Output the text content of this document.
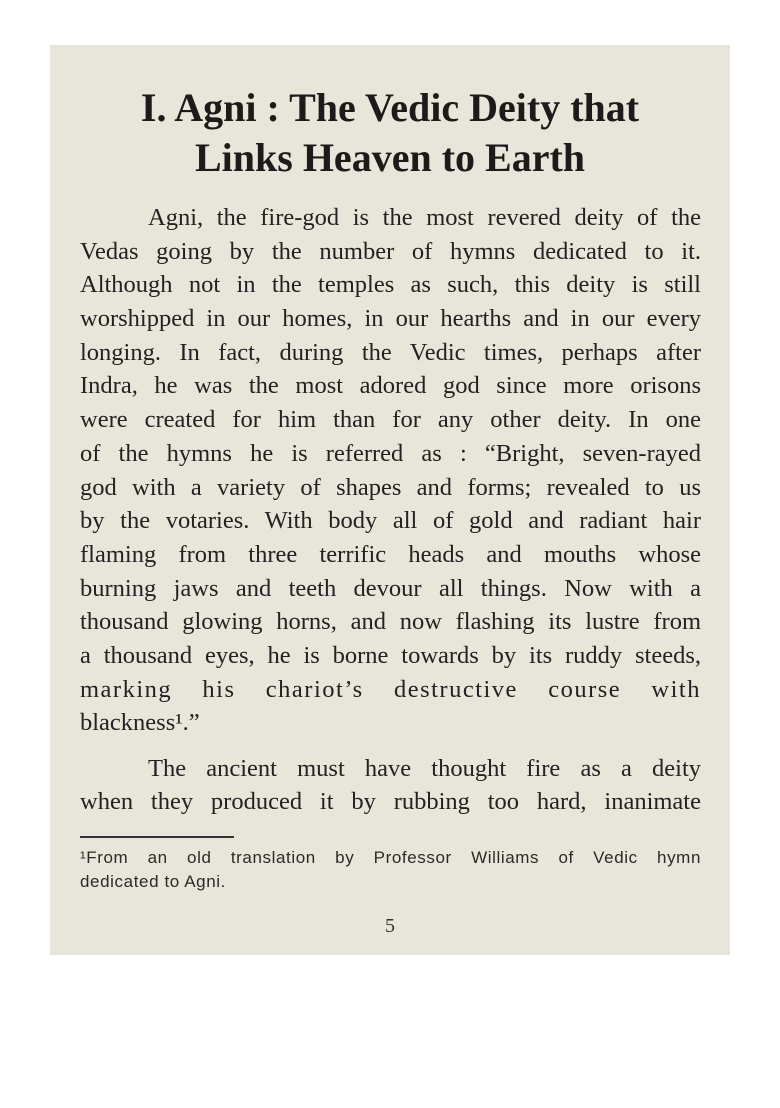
I. Agni : The Vedic Deity that
Links Heaven to Earth
Agni, the fire-god is the most revered deity of the
Vedas going by the number of hymns dedicated to it.
Although not in the temples as such, this deity is still
worshipped in our homes, in our hearths and in our every
longing. In fact, during the Vedic times, perhaps after
Indra, he was the most adored god since more orisons
were created for him than for any other deity. In one
of the hymns he is referred as : “Bright, seven-rayed
god with a variety of shapes and forms; revealed to us
by the votaries. With body all of gold and radiant hair
flaming from three terrific heads and mouths whose
burning jaws and teeth devour all things. Now with a
thousand glowing horns, and now flashing its lustre from
a thousand eyes, he is borne towards by its ruddy steeds,
marking his chariot’s destructive course with
blackness¹.”
The ancient must have thought fire as a deity
when they produced it by rubbing too hard, inanimate
¹From an old translation by Professor Williams of Vedic hymn
dedicated to Agni.
5
